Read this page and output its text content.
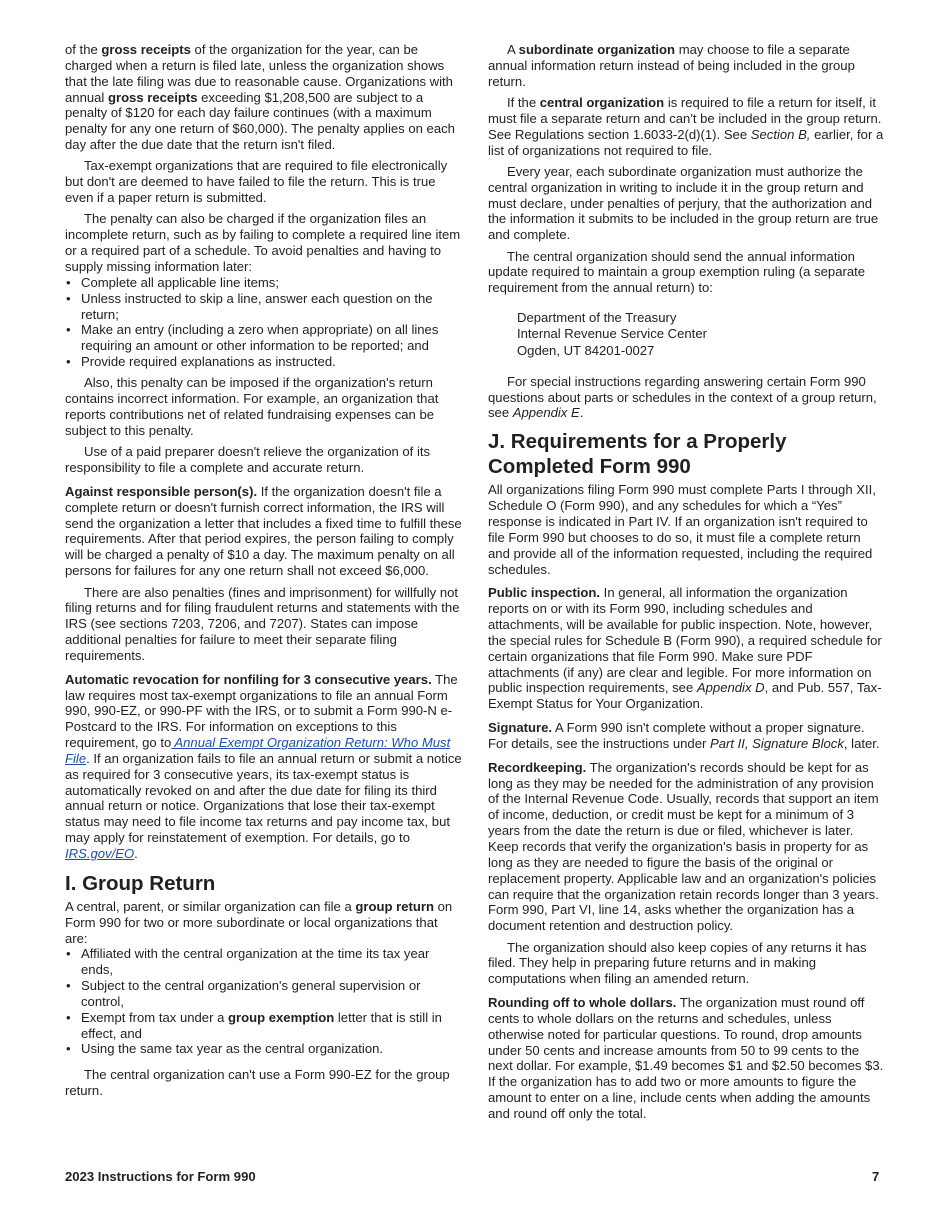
of the gross receipts of the organization for the year, can be charged when a return is filed late, unless the organization shows that the late filing was due to reasonable cause. Organizations with annual gross receipts exceeding $1,208,500 are subject to a penalty of $120 for each day failure continues (with a maximum penalty for any one return of $60,000). The penalty applies on each day after the due date that the return isn't filed.

Tax-exempt organizations that are required to file electronically but don't are deemed to have failed to file the return. This is true even if a paper return is submitted.

The penalty can also be charged if the organization files an incomplete return, such as by failing to complete a required line item or a required part of a schedule. To avoid penalties and having to supply missing information later:

• Complete all applicable line items;
• Unless instructed to skip a line, answer each question on the return;
• Make an entry (including a zero when appropriate) on all lines requiring an amount or other information to be reported; and
• Provide required explanations as instructed.

Also, this penalty can be imposed if the organization's return contains incorrect information. For example, an organization that reports contributions net of related fundraising expenses can be subject to this penalty.

Use of a paid preparer doesn't relieve the organization of its responsibility to file a complete and accurate return.

Against responsible person(s). If the organization doesn't file a complete return or doesn't furnish correct information, the IRS will send the organization a letter that includes a fixed time to fulfill these requirements. After that period expires, the person failing to comply will be charged a penalty of $10 a day. The maximum penalty on all persons for failures for any one return shall not exceed $6,000.

There are also penalties (fines and imprisonment) for willfully not filing returns and for filing fraudulent returns and statements with the IRS (see sections 7203, 7206, and 7207). States can impose additional penalties for failure to meet their separate filing requirements.

Automatic revocation for nonfiling for 3 consecutive years. The law requires most tax-exempt organizations to file an annual Form 990, 990-EZ, or 990-PF with the IRS, or to submit a Form 990-N e-Postcard to the IRS. For information on exceptions to this requirement, go to Annual Exempt Organization Return: Who Must File. If an organization fails to file an annual return or submit a notice as required for 3 consecutive years, its tax-exempt status is automatically revoked on and after the due date for filing its third annual return or notice. Organizations that lose their tax-exempt status may need to file income tax returns and pay income tax, but may apply for reinstatement of exemption. For details, go to IRS.gov/EO.

I. Group Return

A central, parent, or similar organization can file a group return on Form 990 for two or more subordinate or local organizations that are:

• Affiliated with the central organization at the time its tax year ends,
• Subject to the central organization's general supervision or control,
• Exempt from tax under a group exemption letter that is still in effect, and
• Using the same tax year as the central organization.

The central organization can't use a Form 990-EZ for the group return.

A subordinate organization may choose to file a separate annual information return instead of being included in the group return.

If the central organization is required to file a return for itself, it must file a separate return and can't be included in the group return. See Regulations section 1.6033-2(d)(1). See Section B, earlier, for a list of organizations not required to file.

Every year, each subordinate organization must authorize the central organization in writing to include it in the group return and must declare, under penalties of perjury, that the authorization and the information it submits to be included in the group return are true and complete.

The central organization should send the annual information update required to maintain a group exemption ruling (a separate requirement from the annual return) to:

Department of the Treasury
Internal Revenue Service Center
Ogden, UT 84201-0027

For special instructions regarding answering certain Form 990 questions about parts or schedules in the context of a group return, see Appendix E.

J. Requirements for a Properly
Completed Form 990

All organizations filing Form 990 must complete Parts I through XII, Schedule O (Form 990), and any schedules for which a “Yes” response is indicated in Part IV. If an organization isn't required to file Form 990 but chooses to do so, it must file a complete return and provide all of the information requested, including the required schedules.

Public inspection. In general, all information the organization reports on or with its Form 990, including schedules and attachments, will be available for public inspection. Note, however, the special rules for Schedule B (Form 990), a required schedule for certain organizations that file Form 990. Make sure PDF attachments (if any) are clear and legible. For more information on public inspection requirements, see Appendix D, and Pub. 557, Tax-Exempt Status for Your Organization.

Signature. A Form 990 isn't complete without a proper signature. For details, see the instructions under Part II, Signature Block, later.

Recordkeeping. The organization's records should be kept for as long as they may be needed for the administration of any provision of the Internal Revenue Code. Usually, records that support an item of income, deduction, or credit must be kept for a minimum of 3 years from the date the return is due or filed, whichever is later. Keep records that verify the organization's basis in property for as long as they are needed to figure the basis of the original or replacement property. Applicable law and an organization's policies can require that the organization retain records longer than 3 years. Form 990, Part VI, line 14, asks whether the organization has a document retention and destruction policy.

The organization should also keep copies of any returns it has filed. They help in preparing future returns and in making computations when filing an amended return.

Rounding off to whole dollars. The organization must round off cents to whole dollars on the returns and schedules, unless otherwise noted for particular questions. To round, drop amounts under 50 cents and increase amounts from 50 to 99 cents to the next dollar. For example, $1.49 becomes $1 and $2.50 becomes $3. If the organization has to add two or more amounts to figure the amount to enter on a line, include cents when adding the amounts and round off only the total.

2023 Instructions for Form 990	7
